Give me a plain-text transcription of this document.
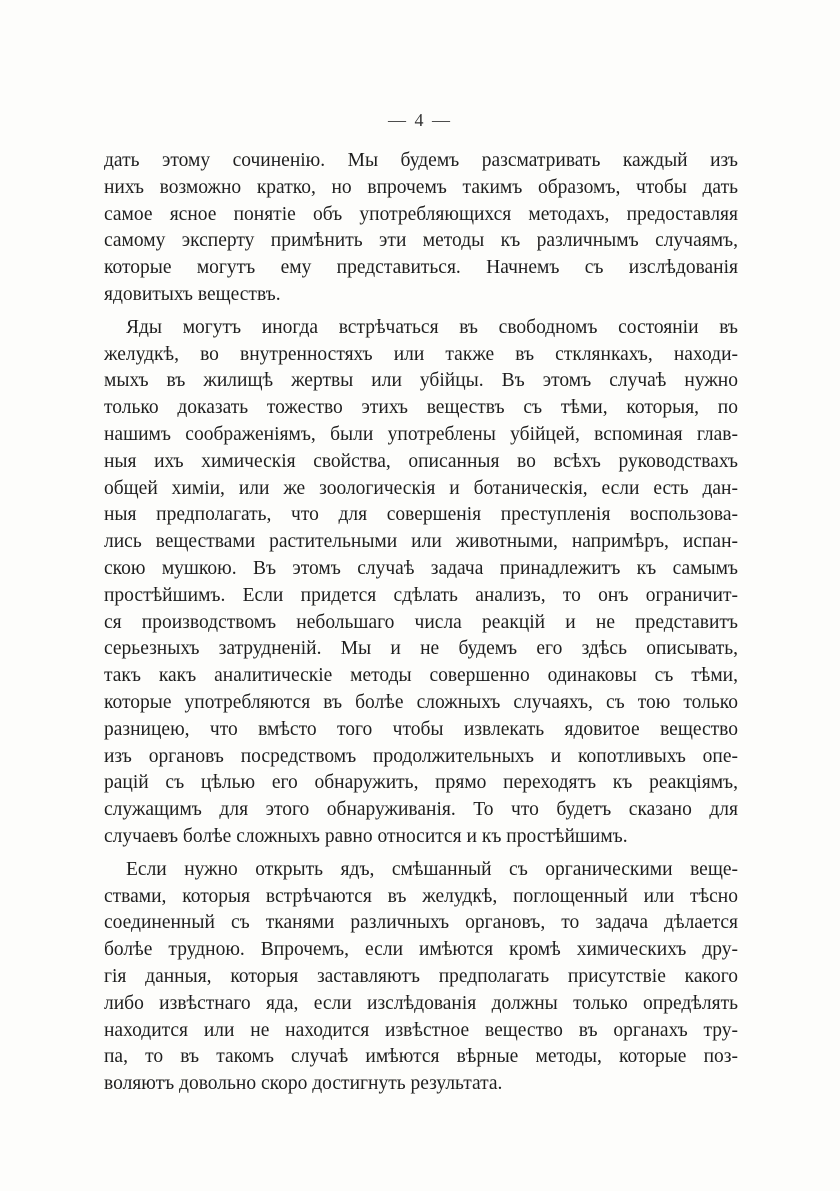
— 4 —
дать этому сочиненію. Мы будемъ разсматривать каждый изъ
нихъ возможно кратко, но впрочемъ такимъ образомъ, чтобы дать
самое ясное понятіе объ употребляющихся методахъ, предоставляя
самому эксперту примѣнить эти методы къ различнымъ случаямъ,
которые могутъ ему представиться. Начнемъ съ изслѣдованія
ядовитыхъ веществъ.
Яды могутъ иногда встрѣчаться въ свободномъ состояніи въ
желудкѣ, во внутренностяхъ или также въ стклянкахъ, находи-
мыхъ въ жилищѣ жертвы или убійцы. Въ этомъ случаѣ нужно
только доказать тожество этихъ веществъ съ тѣми, которыя, по
нашимъ соображеніямъ, были употреблены убійцей, вспоминая глав-
ныя ихъ химическія свойства, описанныя во всѣхъ руководствахъ
общей химіи, или же зоологическія и ботаническія, если есть дан-
ныя предполагать, что для совершенія преступленія воспользова-
лись веществами растительными или животными, напримѣръ, испан-
скою мушкою. Въ этомъ случаѣ задача принадлежитъ къ самымъ
простѣйшимъ. Если придется сдѣлать анализъ, то онъ ограничит-
ся производствомъ небольшаго числа реакцій и не представитъ
серьезныхъ затрудненій. Мы и не будемъ его здѣсь описывать,
такъ какъ аналитическіе методы совершенно одинаковы съ тѣми,
которые употребляются въ болѣе сложныхъ случаяхъ, съ тою только
разницею, что вмѣсто того чтобы извлекать ядовитое вещество
изъ органовъ посредствомъ продолжительныхъ и копотливыхъ опе-
рацій съ цѣлью его обнаружить, прямо переходятъ къ реакціямъ,
служащимъ для этого обнаруживанія. То что будетъ сказано для
случаевъ болѣе сложныхъ равно относится и къ простѣйшимъ.
Если нужно открыть ядъ, смѣшанный съ органическими веще-
ствами, которыя встрѣчаются въ желудкѣ, поглощенный или тѣсно
соединенный съ тканями различныхъ органовъ, то задача дѣлается
болѣе трудною. Впрочемъ, если имѣются кромѣ химическихъ дру-
гія данныя, которыя заставляютъ предполагать присутствіе какого
либо извѣстнаго яда, если изслѣдованія должны только опредѣлять
находится или не находится извѣстное вещество въ органахъ тру-
па, то въ такомъ случаѣ имѣются вѣрные методы, которые поз-
воляютъ довольно скоро достигнуть результата.
